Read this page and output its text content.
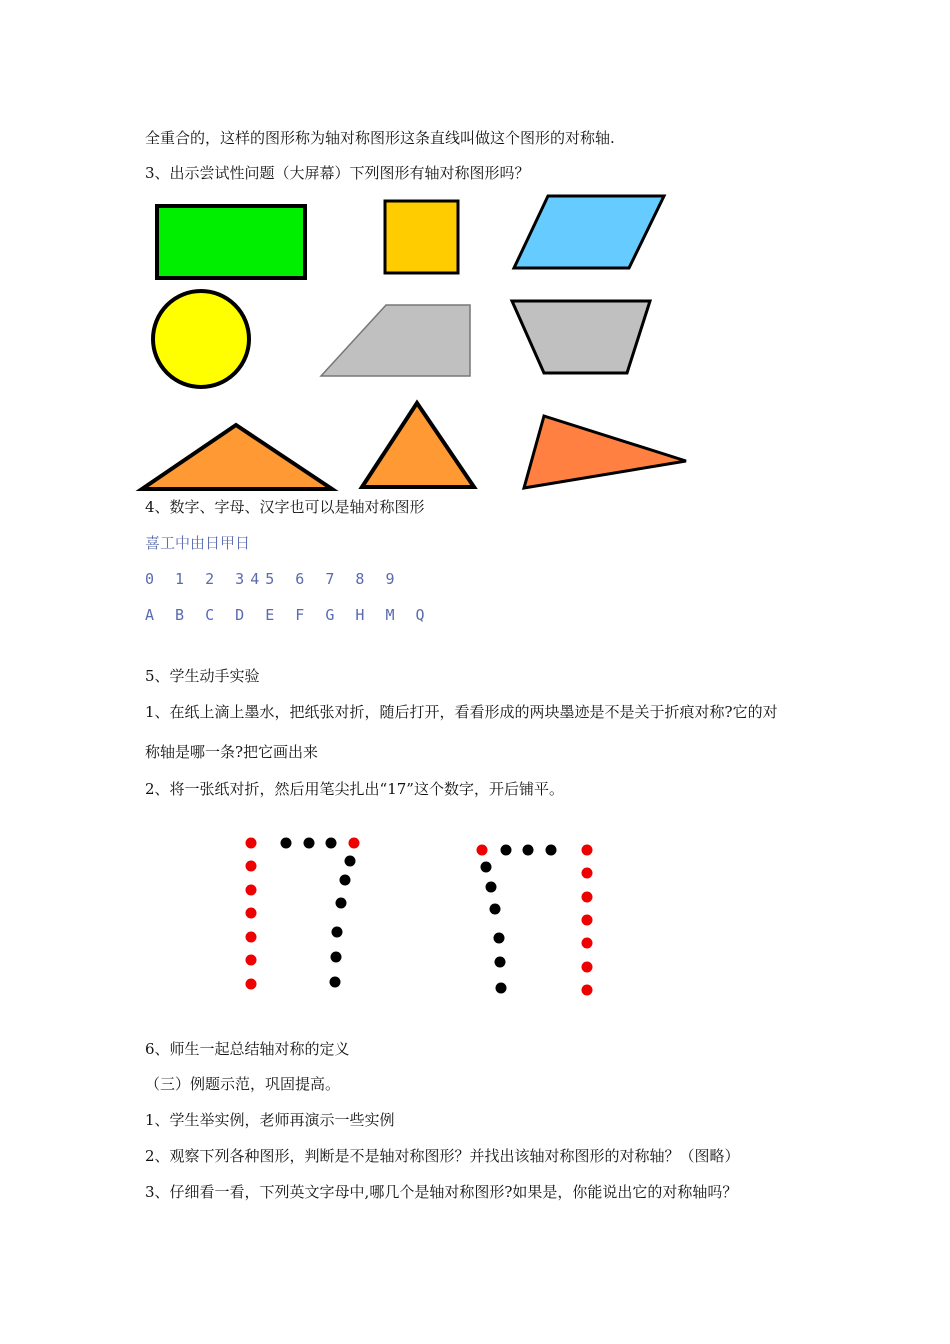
全重合的，这样的图形称为轴对称图形这条直线叫做这个图形的对称轴.
3、出示尝试性问题（大屏幕）下列图形有轴对称图形吗？
4、数字、字母、汉字也可以是轴对称图形
喜工中由日甲日
0 1 2 345 6 7 8 9
A B C D E F G H M Q
5、学生动手实验
1、在纸上滴上墨水，把纸张对折，随后打开，看看形成的两块墨迹是不是关于折痕对称?它的对
称轴是哪一条?把它画出来
2、将一张纸对折，然后用笔尖扎出“17”这个数字，开后铺平。
6、师生一起总结轴对称的定义
（三）例题示范，巩固提高。
1、学生举实例，老师再演示一些实例
2、观察下列各种图形，判断是不是轴对称图形？并找出该轴对称图形的对称轴？（图略）
3、仔细看一看，下列英文字母中,哪几个是轴对称图形?如果是，你能说出它的对称轴吗？
